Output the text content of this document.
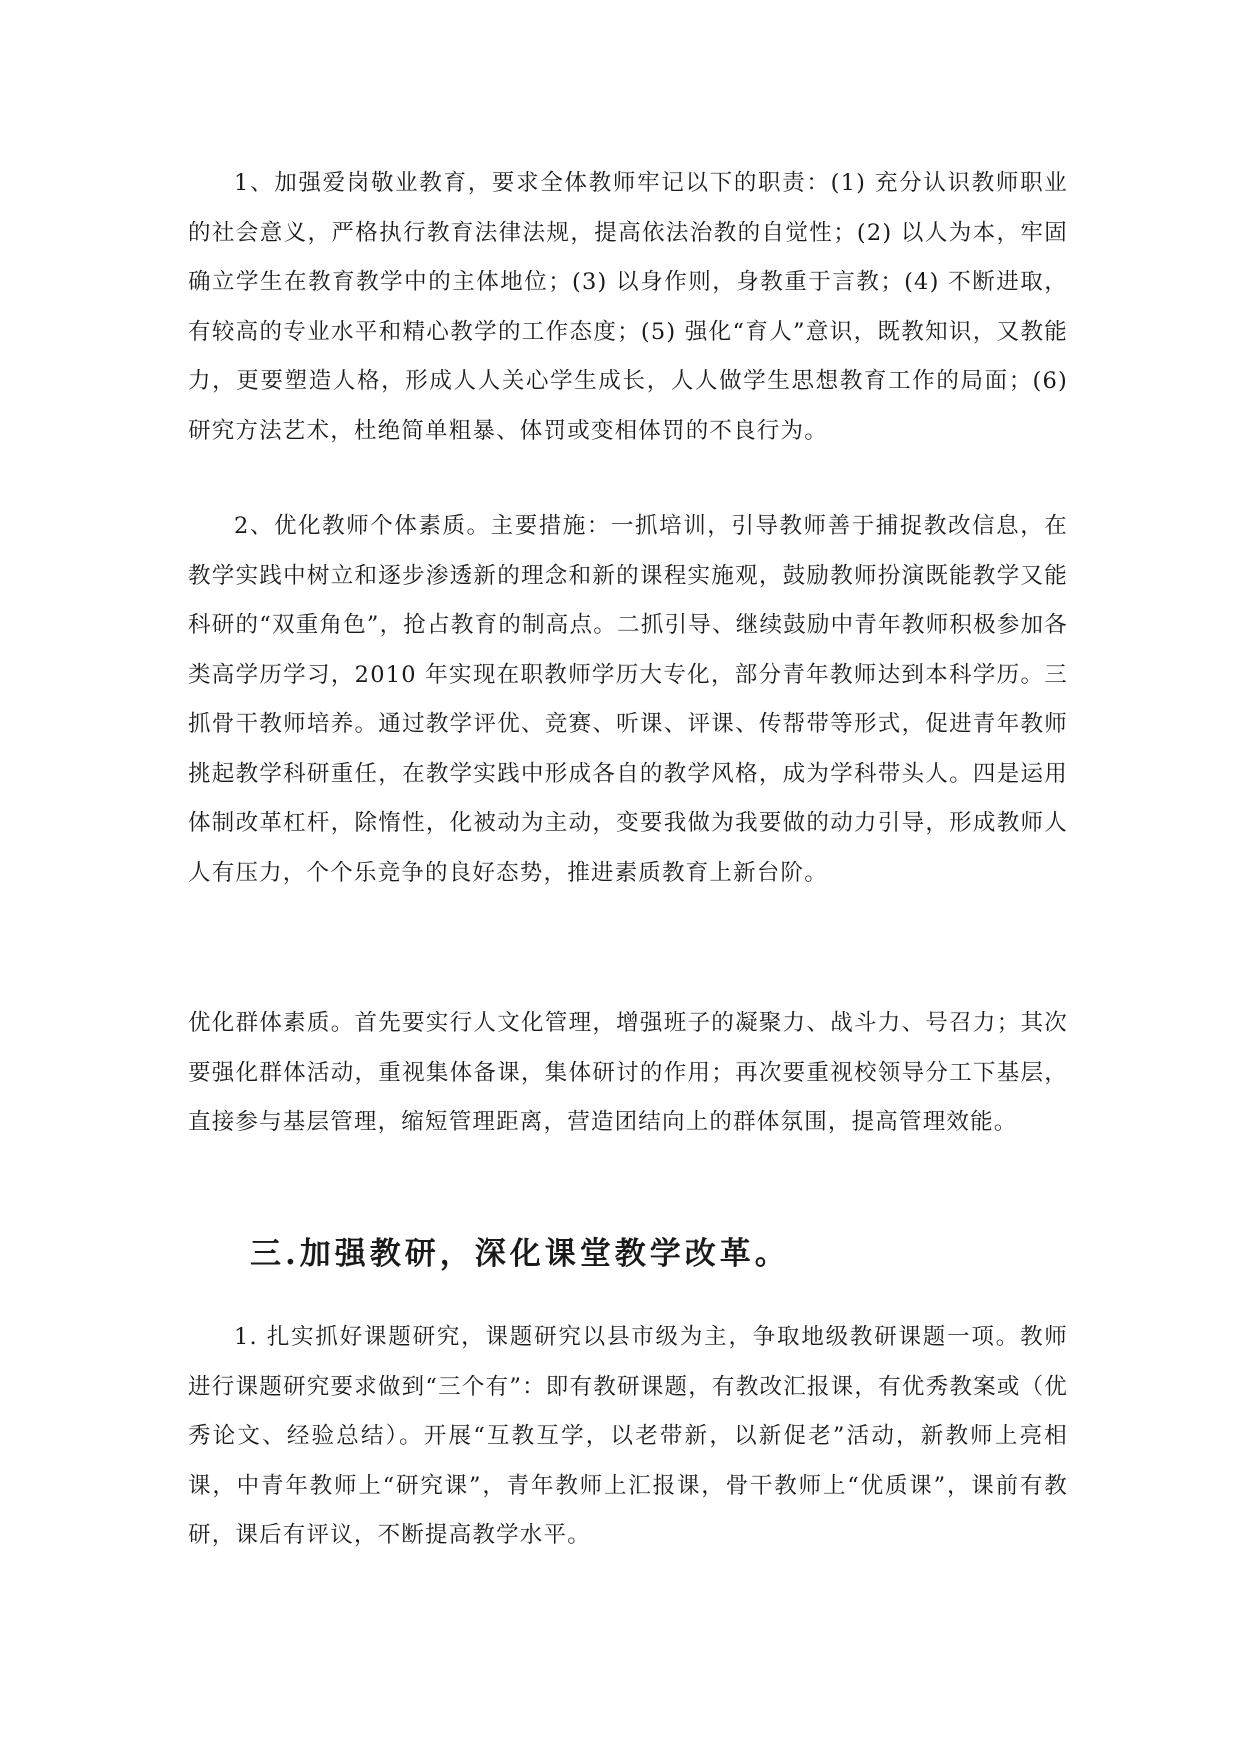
1、加强爱岗敬业教育，要求全体教师牢记以下的职责：(1) 充分认识教师职业的社会意义，严格执行教育法律法规，提高依法治教的自觉性；(2) 以人为本，牢固确立学生在教育教学中的主体地位；(3) 以身作则，身教重于言教；(4) 不断进取，有较高的专业水平和精心教学的工作态度；(5) 强化“育人”意识，既教知识，又教能力，更要塑造人格，形成人人关心学生成长，人人做学生思想教育工作的局面；(6) 研究方法艺术，杜绝简单粗暴、体罚或变相体罚的不良行为。

2、优化教师个体素质。主要措施：一抓培训，引导教师善于捕捉教改信息，在教学实践中树立和逐步渗透新的理念和新的课程实施观，鼓励教师扮演既能教学又能科研的“双重角色”，抢占教育的制高点。二抓引导、继续鼓励中青年教师积极参加各类高学历学习，2010 年实现在职教师学历大专化，部分青年教师达到本科学历。三抓骨干教师培养。通过教学评优、竞赛、听课、评课、传帮带等形式，促进青年教师挑起教学科研重任，在教学实践中形成各自的教学风格，成为学科带头人。四是运用体制改革杠杆，除惰性，化被动为主动，变要我做为我要做的动力引导，形成教师人人有压力，个个乐竞争的良好态势，推进素质教育上新台阶。

优化群体素质。首先要实行人文化管理，增强班子的凝聚力、战斗力、号召力；其次要强化群体活动，重视集体备课，集体研讨的作用；再次要重视校领导分工下基层，直接参与基层管理，缩短管理距离，营造团结向上的群体氛围，提高管理效能。

三.加强教研，深化课堂教学改革。

1. 扎实抓好课题研究，课题研究以县市级为主，争取地级教研课题一项。教师进行课题研究要求做到“三个有”：即有教研课题，有教改汇报课，有优秀教案或（优秀论文、经验总结）。开展“互教互学，以老带新，以新促老”活动，新教师上亮相课，中青年教师上“研究课”，青年教师上汇报课，骨干教师上“优质课”，课前有教研，课后有评议，不断提高教学水平。
